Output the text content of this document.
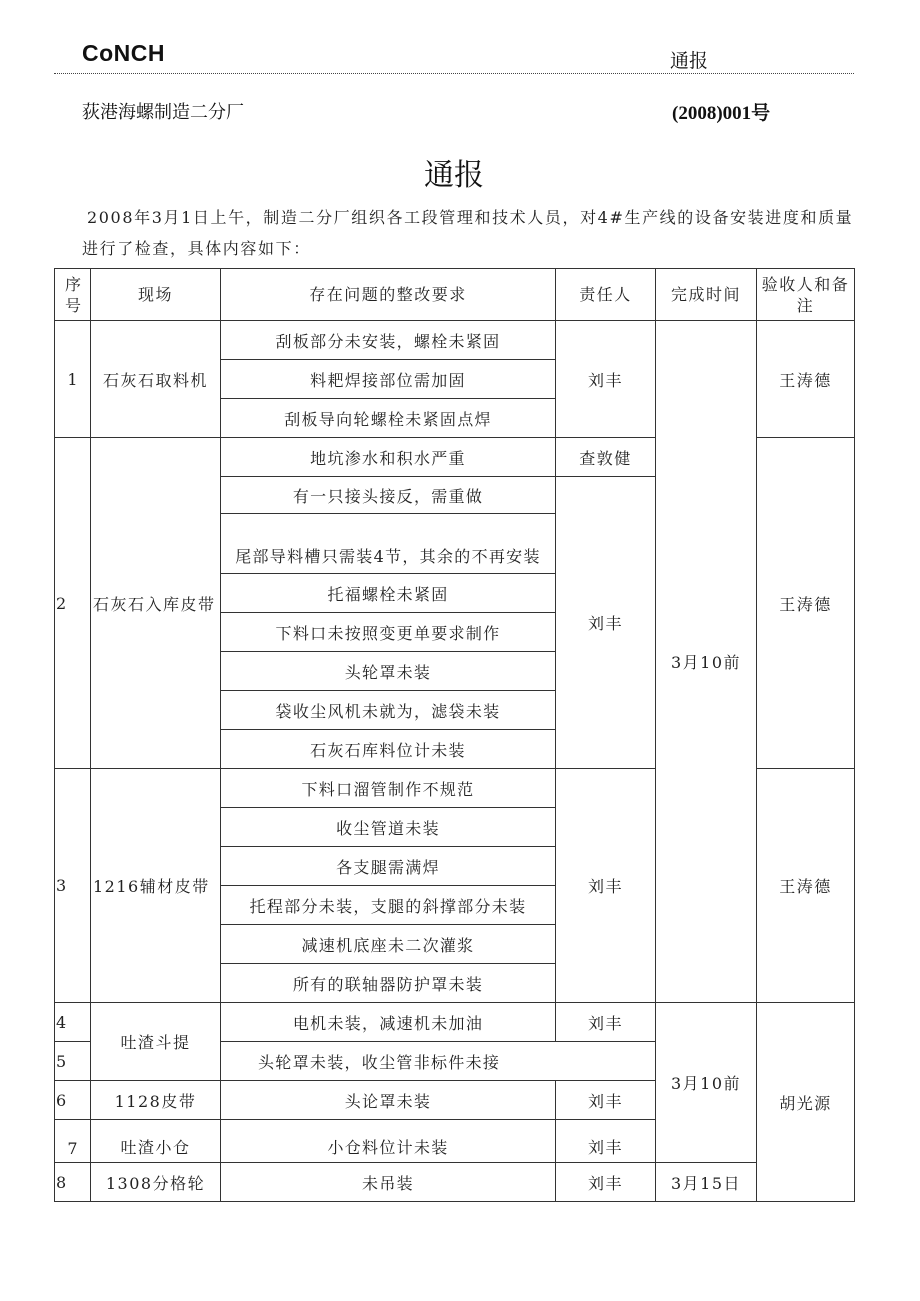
CoNCH	通报
荻港海螺制造二分厂	(2008)001号
通报
2008年3月1日上午，制造二分厂组织各工段管理和技术人员，对4#生产线的设备安装进度和质量进行了检查，具体内容如下：
序号	现场	存在问题的整改要求	责任人	完成时间	验收人和备注
1	石灰石取料机	刮板部分未安装，螺栓未紧固	刘丰	3月10前	王涛德
		料耙焊接部位需加固			
		刮板导向轮螺栓未紧固点焊			
2	石灰石入库皮带	地坑渗水和积水严重	查敦健		王涛德
		有一只接头接反，需重做	刘丰		
		尾部导料槽只需装4节，其余的不再安装			
		托福螺栓未紧固			
		下料口未按照变更单要求制作			
		头轮罩未装			
		袋收尘风机未就为，滤袋未装			
		石灰石库料位计未装			
3	1216辅材皮带	下料口溜管制作不规范	刘丰		王涛德
		收尘管道未装			
		各支腿需满焊			
		托程部分未装，支腿的斜撑部分未装			
		减速机底座未二次灌浆			
		所有的联轴器防护罩未装			
4	吐渣斗提	电机未装，减速机未加油	刘丰	3月10前	胡光源
5		头轮罩未装，收尘管非标件未接			
6	1128皮带	头论罩未装	刘丰		
7	吐渣小仓	小仓料位计未装	刘丰		
8	1308分格轮	未吊装	刘丰	3月15日	
